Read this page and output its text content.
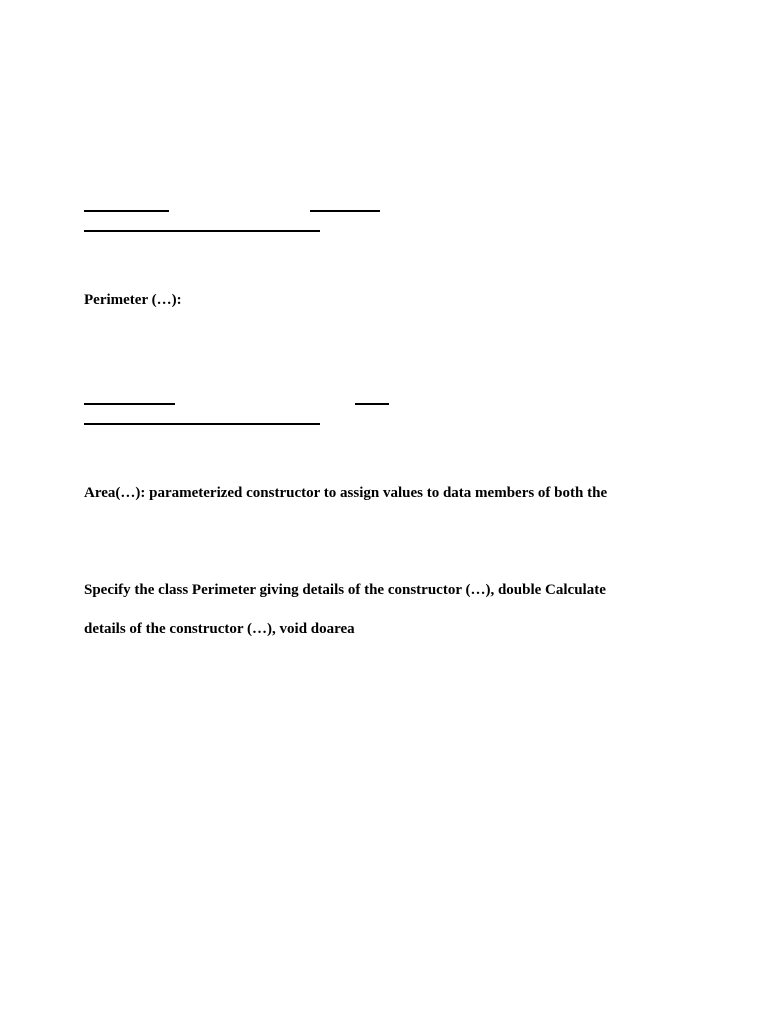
Perimeter (…):
Area(…): parameterized constructor to assign values to data members of both the
Specify the class Perimeter giving details of the constructor (…), double Calculate
details of the constructor (…), void doarea
